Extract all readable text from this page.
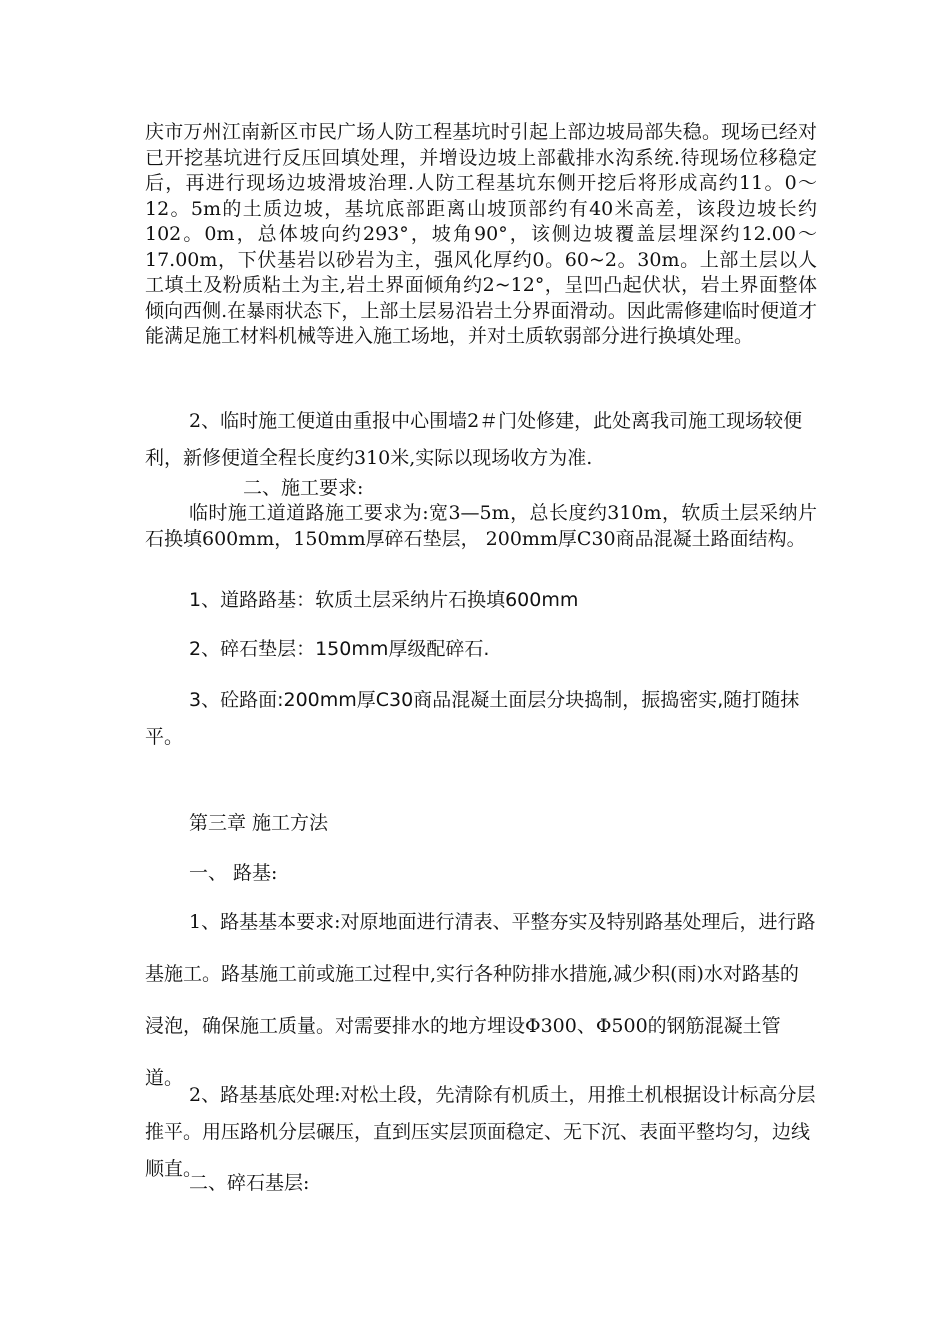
庆市万州江南新区市民广场人防工程基坑时引起上部边坡局部失稳。现场已经对已开挖基坑进行反压回填处理，并增设边坡上部截排水沟系统.待现场位移稳定后，再进行现场边坡滑坡治理.人防工程基坑东侧开挖后将形成高约11。0～12。5m的土质边坡，基坑底部距离山坡顶部约有40米高差，该段边坡长约102。0m，总体坡向约293°，坡角90°，该侧边坡覆盖层埋深约12.00～17.00m，下伏基岩以砂岩为主，强风化厚约0。60~2。30m。上部土层以人工填土及粉质粘土为主,岩土界面倾角约2~12°，呈凹凸起伏状，岩土界面整体倾向西侧.在暴雨状态下，上部土层易沿岩土分界面滑动。因此需修建临时便道才能满足施工材料机械等进入施工场地，并对土质软弱部分进行换填处理。

2、临时施工便道由重报中心围墙2＃门处修建，此处离我司施工现场较便利，新修便道全程长度约310米,实际以现场收方为准.

二、施工要求:

临时施工道道路施工要求为:宽3—5m，总长度约310m，软质土层采纳片石换填600mm，150mm厚碎石垫层， 200mm厚C30商品混凝土路面结构。

1、道路路基：软质土层采纳片石换填600mm

2、碎石垫层：150mm厚级配碎石.

3、砼路面:200mm厚C30商品混凝土面层分块捣制，振捣密实,随打随抹平。

第三章 施工方法

一、 路基:

1、路基基本要求:对原地面进行清表、平整夯实及特别路基处理后，进行路基施工。路基施工前或施工过程中,实行各种防排水措施,减少积(雨)水对路基的浸泡，确保施工质量。对需要排水的地方埋设Φ300、Φ500的钢筋混凝土管道。

2、路基基底处理:对松土段，先清除有机质土，用推土机根据设计标高分层推平。用压路机分层碾压，直到压实层顶面稳定、无下沉、表面平整均匀，边线顺直。

二、碎石基层:
